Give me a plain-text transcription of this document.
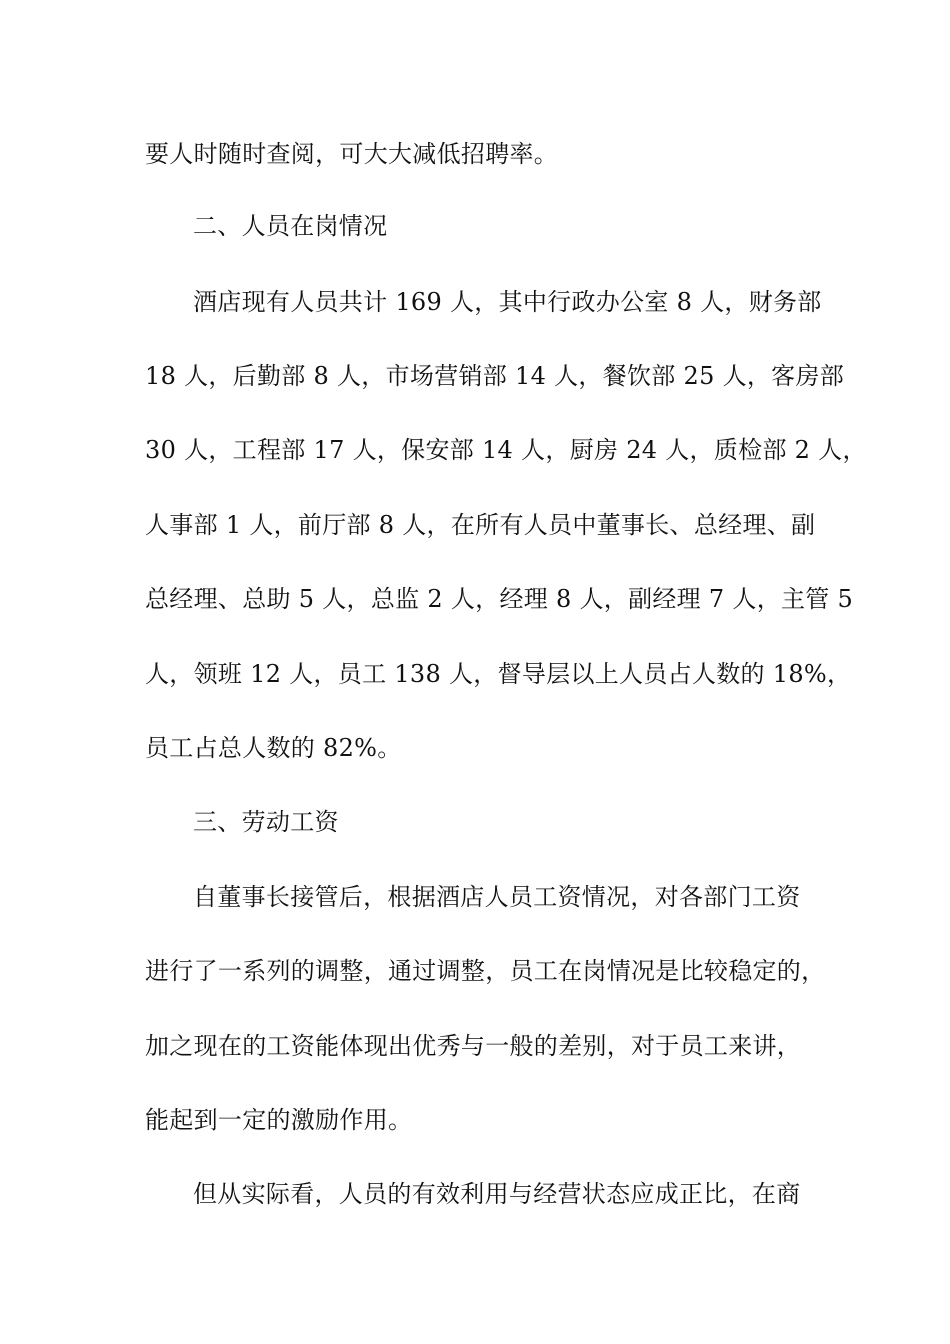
要人时随时查阅，可大大减低招聘率。
二、人员在岗情况
酒店现有人员共计 169 人，其中行政办公室 8 人，财务部
18 人，后勤部 8 人，市场营销部 14 人，餐饮部 25 人，客房部
30 人，工程部 17 人，保安部 14 人，厨房 24 人，质检部 2 人，
人事部 1 人，前厅部 8 人，在所有人员中董事长、总经理、副
总经理、总助 5 人，总监 2 人，经理 8 人，副经理 7 人，主管 5
人，领班 12 人，员工 138 人，督导层以上人员占人数的 18%，
员工占总人数的 82%。
三、劳动工资
自董事长接管后，根据酒店人员工资情况，对各部门工资
进行了一系列的调整，通过调整，员工在岗情况是比较稳定的，
加之现在的工资能体现出优秀与一般的差别，对于员工来讲，
能起到一定的激励作用。
但从实际看，人员的有效利用与经营状态应成正比，在商
